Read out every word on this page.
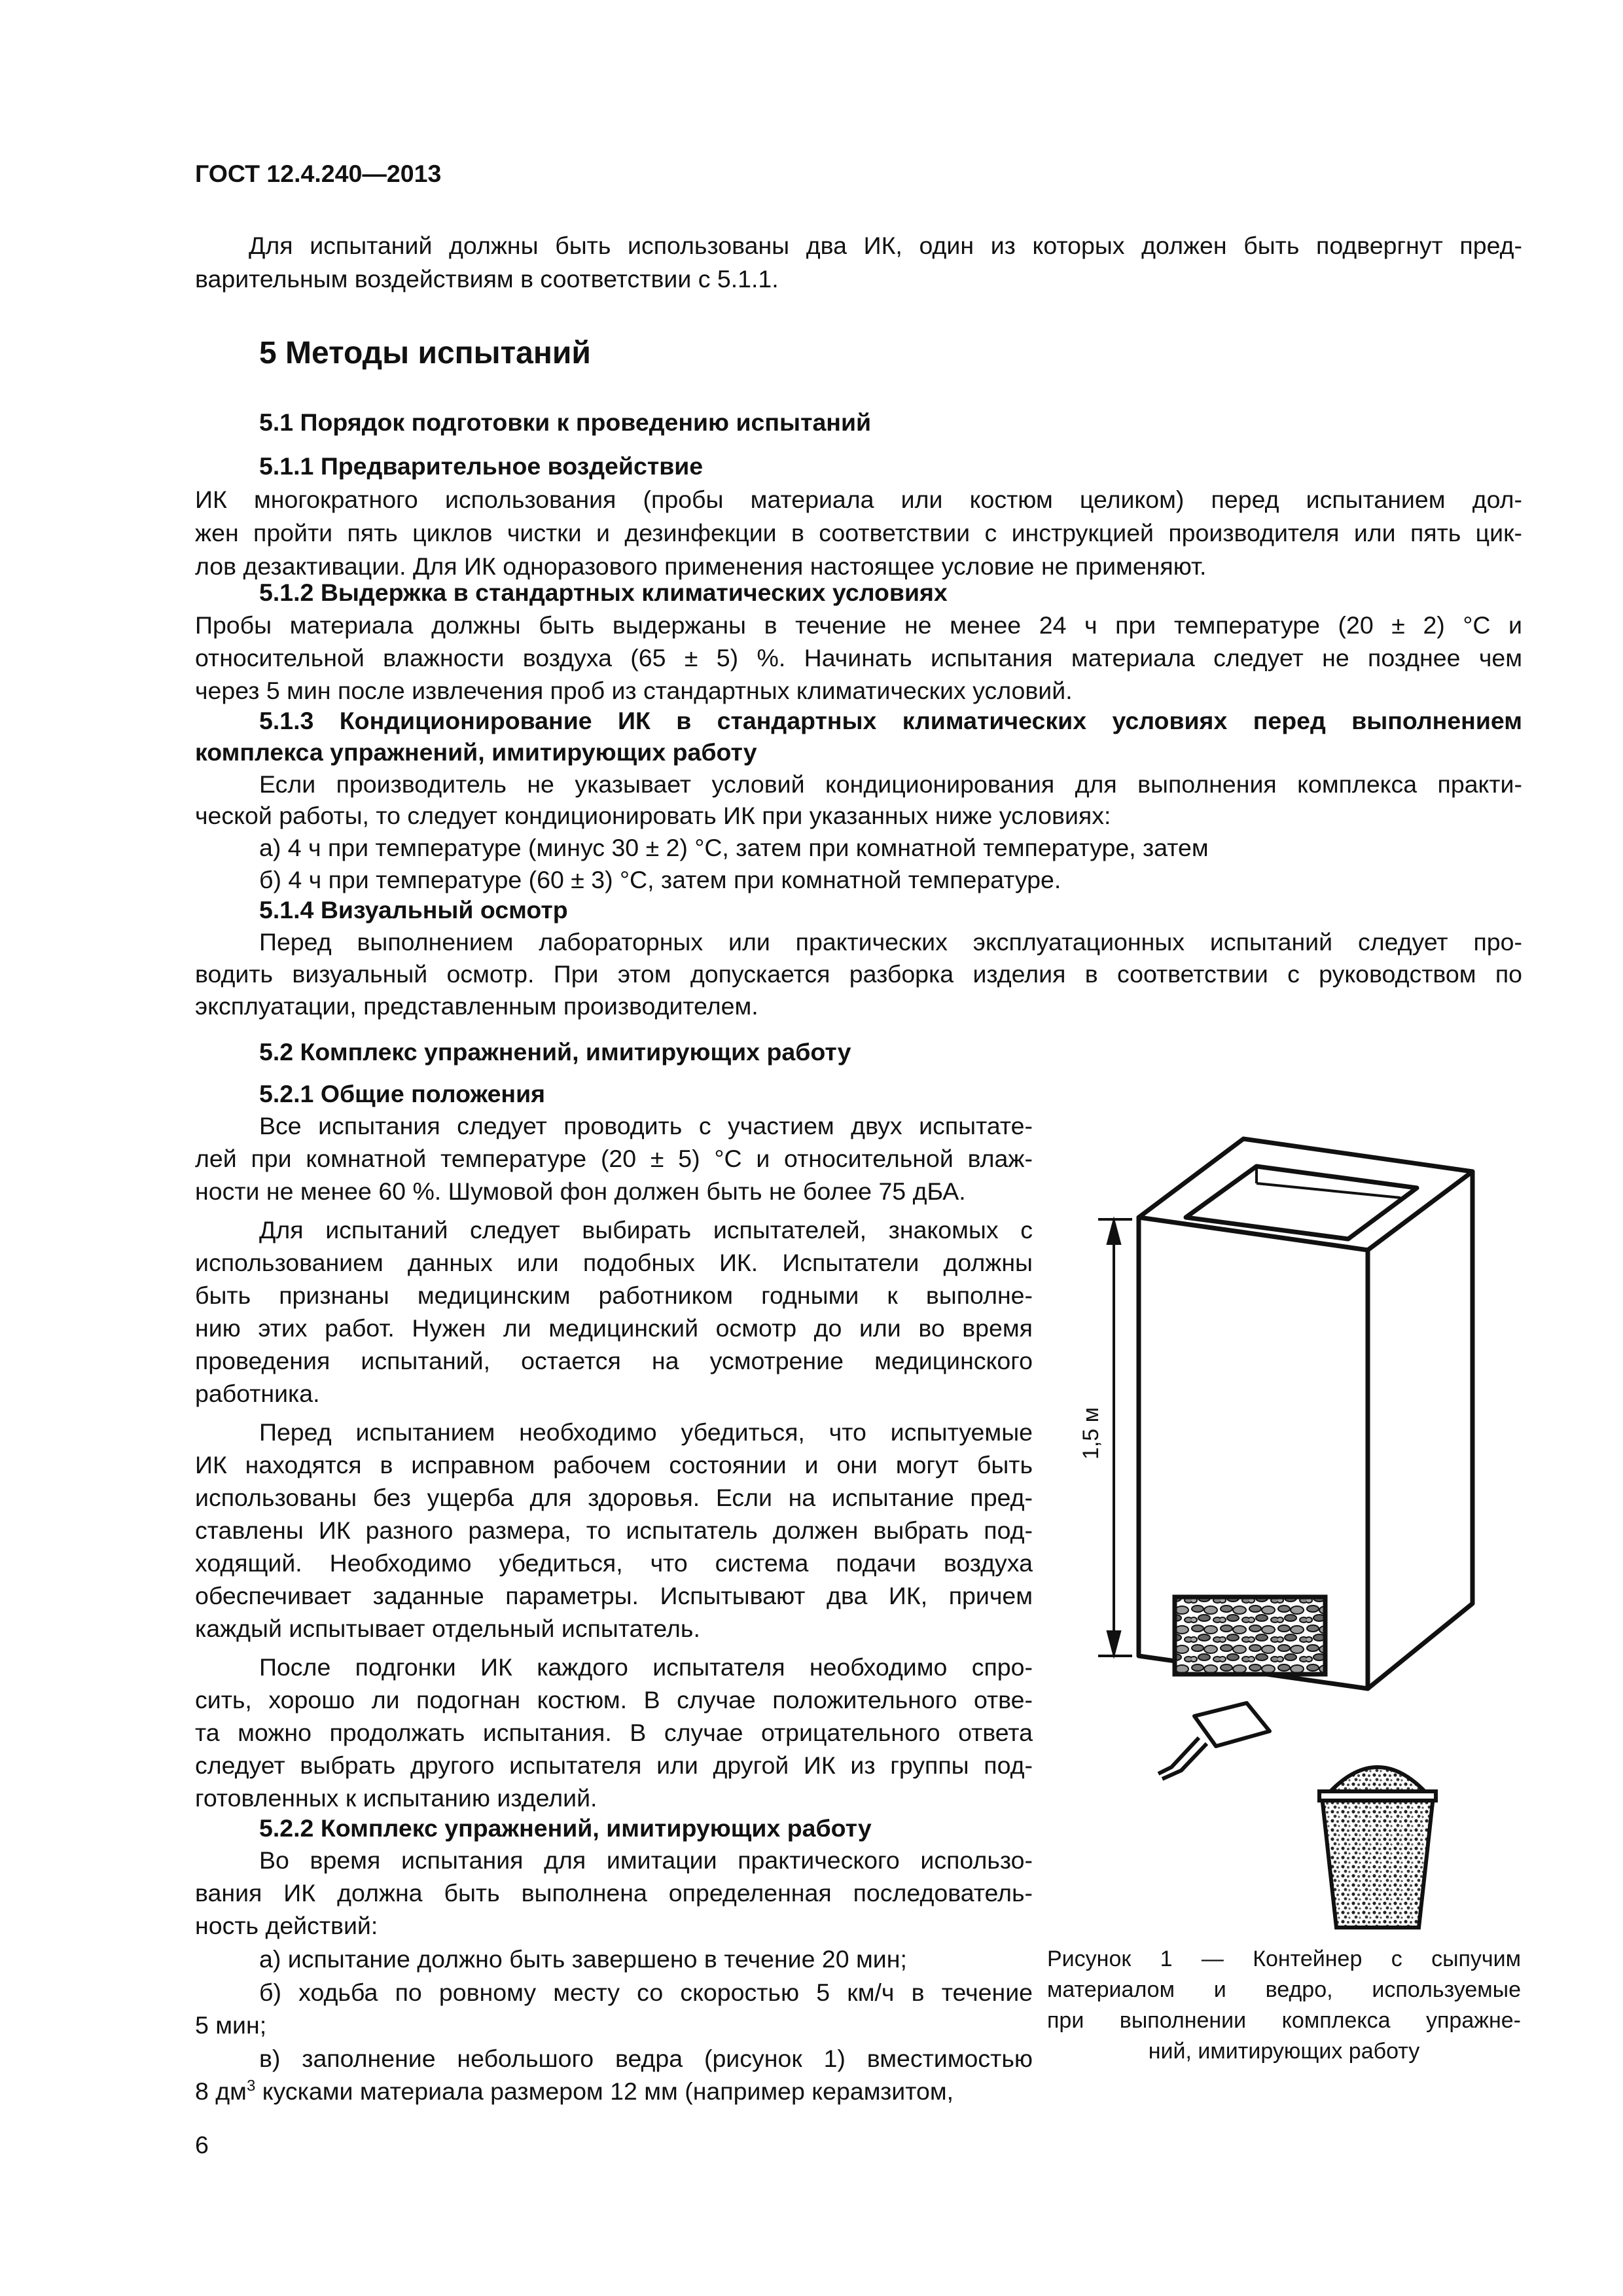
ГОСТ 12.4.240—2013
Для испытаний должны быть использованы два ИК, один из которых должен быть подвергнут пред-
варительным воздействиям в соответствии с 5.1.1.
5 Методы испытаний
5.1 Порядок подготовки к проведению испытаний
5.1.1 Предварительное воздействие
ИК многократного использования (пробы материала или костюм целиком) перед испытанием дол-
жен пройти пять циклов чистки и дезинфекции в соответствии с инструкцией производителя или пять цик-
лов дезактивации. Для ИК одноразового применения настоящее условие не применяют.
5.1.2 Выдержка в стандартных климатических условиях
Пробы материала должны быть выдержаны в течение не менее 24 ч при температуре (20 ± 2) °С и
относительной влажности воздуха (65 ± 5) %. Начинать испытания материала следует не позднее чем
через 5 мин после извлечения проб из стандартных климатических условий.
5.1.3 Кондиционирование ИК в стандартных климатических условиях перед выполнением
комплекса упражнений, имитирующих работу
Если производитель не указывает условий кондиционирования для выполнения комплекса практи-
ческой работы, то следует кондиционировать ИК при указанных ниже условиях:
а) 4 ч при температуре (минус 30 ± 2) °С, затем при комнатной температуре, затем
б) 4 ч при температуре (60 ± 3) °С, затем при комнатной температуре.
5.1.4 Визуальный осмотр
Перед выполнением лабораторных или практических эксплуатационных испытаний следует про-
водить визуальный осмотр. При этом допускается разборка изделия в соответствии с руководством по
эксплуатации, представленным производителем.
5.2 Комплекс упражнений, имитирующих работу
5.2.1 Общие положения
Все испытания следует проводить с участием двух испытате-
лей при комнатной температуре (20 ± 5) °С и относительной влаж-
ности не менее 60 %. Шумовой фон должен быть не более 75 дБА.
Для испытаний следует выбирать испытателей, знакомых с
использованием данных или подобных ИК. Испытатели должны
быть признаны медицинским работником годными к выполне-
нию этих работ. Нужен ли медицинский осмотр до или во время
проведения испытаний, остается на усмотрение медицинского
работника.
Перед испытанием необходимо убедиться, что испытуемые
ИК находятся в исправном рабочем состоянии и они могут быть
использованы без ущерба для здоровья. Если на испытание пред-
ставлены ИК разного размера, то испытатель должен выбрать под-
ходящий. Необходимо убедиться, что система подачи воздуха
обеспечивает заданные параметры. Испытывают два ИК, причем
каждый испытывает отдельный испытатель.
После подгонки ИК каждого испытателя необходимо спро-
сить, хорошо ли подогнан костюм. В случае положительного отве-
та можно продолжать испытания. В случае отрицательного ответа
следует выбрать другого испытателя или другой ИК из группы под-
готовленных к испытанию изделий.
5.2.2 Комплекс упражнений, имитирующих работу
Во время испытания для имитации практического использо-
вания ИК должна быть выполнена определенная последователь-
ность действий:
а) испытание должно быть завершено в течение 20 мин;
б) ходьба по ровному месту со скоростью 5 км/ч в течение
5 мин;
в) заполнение небольшого ведра (рисунок 1) вместимостью
8 $дм^3$ кусками материала размером 12 мм (например керамзитом,
1,5 м
Рисунок 1 — Контейнер с сыпучим
материалом и ведро, используемые
при выполнении комплекса упражне-
ний, имитирующих работу
6
